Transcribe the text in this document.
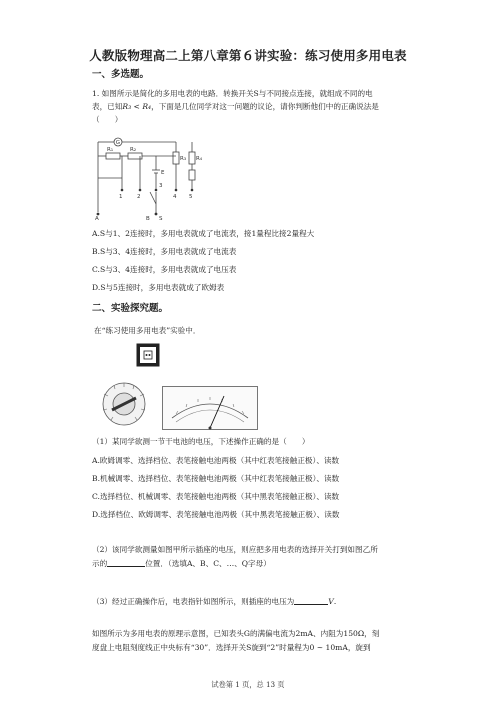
人教版物理高二上第八章第６讲实验：练习使用多用电表
一、多选题。
1. 如图所示是简化的多用电表的电路．转换开关S与不同接点连接，就组成不同的电
表，已知R₃ < R₄，下面是几位同学对这一问题的议论，请你判断他们中的正确说法是
（　　）
G
R₁	R₂
R₃ R₄
E
1	2
3
4 5
A	B S
A.S与1、2连接时，多用电表就成了电流表，接1量程比接2量程大
B.S与3、4连接时，多用电表就成了电流表
C.S与3、4连接时，多用电表就成了电压表
D.S与5连接时，多用电表就成了欧姆表
二、实验探究题。
在“练习使用多用电表”实验中．
（1）某同学欲测一节干电池的电压，下述操作正确的是（　　）
A.欧姆调零、选择档位、表笔接触电池两极（其中红表笔接触正极）、读数
B.机械调零、选择档位、表笔接触电池两极（其中红表笔接触正极）、读数
C.选择档位、机械调零、表笔接触电池两极（其中黑表笔接触正极）、读数
D.选择档位、欧姆调零、表笔接触电池两极（其中黑表笔接触正极）、读数
（2）该同学欲测量如图甲所示插座的电压，则应把多用电表的选择开关打到如图乙所
示的	位置．（选填A、B、C、…、Q字母）
（3）经过正确操作后，电表指针如图所示，则插座的电压为	V．
如图所示为多用电表的原理示意图，已知表头G的满偏电流为2mA、内阻为150Ω，刻
度盘上电阻刻度线正中央标有“30”．选择开关S旋到“2”时量程为0 ~ 10mA，旋到
试卷第 1 页，总 13 页
